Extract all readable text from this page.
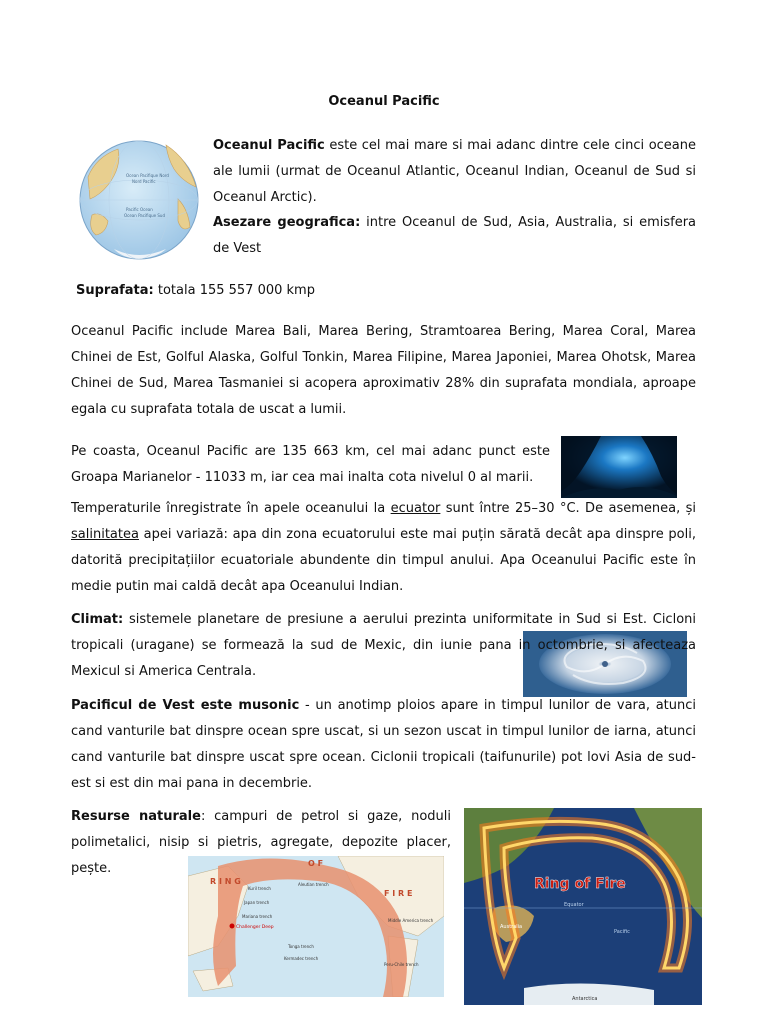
Oceanul Pacific
Ocean Pacifique Nord
Nord Pacific
Pacific Ocean
Ocean Pacifique Sud

Oceanul Pacific este cel mai mare si mai adanc dintre cele cinci oceane ale lumii (urmat de Oceanul Atlantic, Oceanul Indian, Oceanul de Sud si Oceanul Arctic).

Asezare geografica: intre Oceanul de Sud, Asia, Australia, si emisfera de Vest

Suprafata: totala 155 557 000 kmp

Oceanul Pacific include Marea Bali, Marea Bering, Stramtoarea Bering, Marea Coral, Marea Chinei de Est, Golful Alaska, Golful Tonkin, Marea Filipine, Marea Japoniei, Marea Ohotsk, Marea Chinei de Sud, Marea Tasmaniei si acopera aproximativ 28% din suprafata mondiala, aproape egala cu suprafata totala de uscat a lumii.

Pe coasta, Oceanul Pacific are 135 663 km, cel mai adanc punct este Groapa Marianelor - 11033 m, iar cea mai inalta cota nivelul 0 al marii.

Temperaturile înregistrate în apele oceanului la ecuator sunt între 25–30 °C. De asemenea, și salinitatea apei variază: apa din zona ecuatorului este mai puțin sărată decât apa dinspre poli, datorită precipitațiilor ecuatoriale abundente din timpul anului. Apa Oceanului Pacific este în medie putin mai caldă decât apa Oceanului Indian.

Climat: sistemele planetare de presiune a aerului prezinta uniformitate in Sud si Est. Cicloni tropicali (uragane) se formează la sud de Mexic, din iunie pana in octombrie, si afecteaza Mexicul si America Centrala.

Pacificul de Vest este musonic - un anotimp ploios apare in timpul lunilor de vara, atunci cand vanturile bat dinspre ocean spre uscat, si un sezon uscat in timpul lunilor de iarna, atunci cand vanturile bat dinspre uscat spre ocean. Ciclonii tropicali (taifunurile) pot lovi Asia de sud-est si est din mai pana in decembrie.

Resurse naturale: campuri de petrol si gaze, noduli polimetalici, nisip si pietris, agregate, depozite placer, pește.

R I N G
O F
F I R E
Challenger Deep
Mariana trench
Aleutian trench
Kuril trench
Japan trench
Tonga trench
Kermadec trench
Peru-Chile trench
Middle America trench
Ring of Fire
Equator
Australia
Pacific
Antarctica
